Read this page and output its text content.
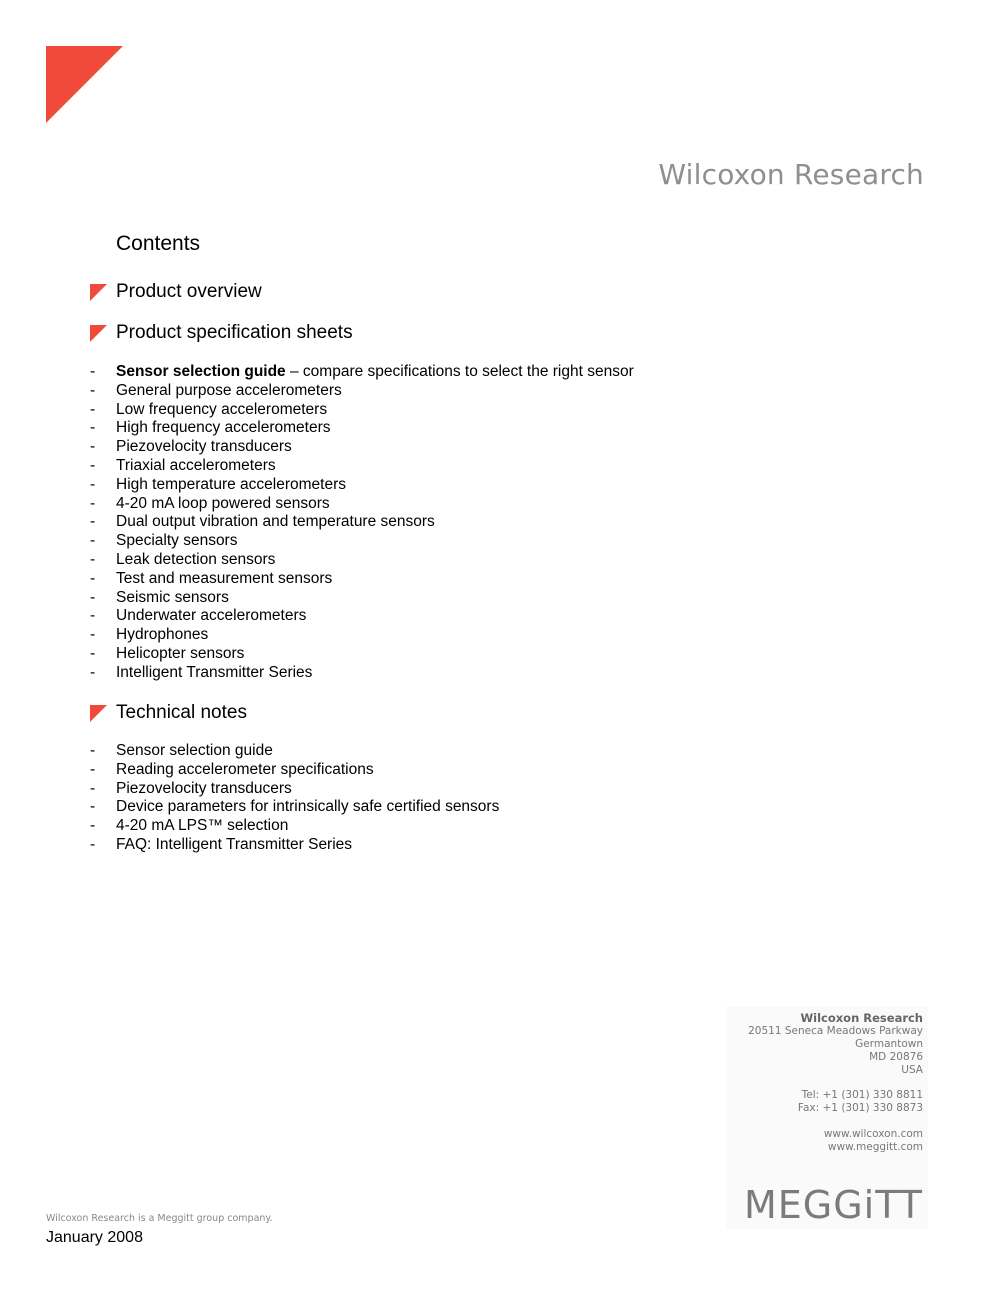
Wilcoxon Research
Contents
Product overview
Product specification sheets
- Sensor selection guide – compare specifications to select the right sensor
- General purpose accelerometers
- Low frequency accelerometers
- High frequency accelerometers
- Piezovelocity transducers
- Triaxial accelerometers
- High temperature accelerometers
- 4-20 mA loop powered sensors
- Dual output vibration and temperature sensors
- Specialty sensors
- Leak detection sensors
- Test and measurement sensors
- Seismic sensors
- Underwater accelerometers
- Hydrophones
- Helicopter sensors
- Intelligent Transmitter Series
Technical notes
- Sensor selection guide
- Reading accelerometer specifications
- Piezovelocity transducers
- Device parameters for intrinsically safe certified sensors
- 4-20 mA LPS™ selection
- FAQ: Intelligent Transmitter Series
Wilcoxon Research
20511 Seneca Meadows Parkway
Germantown
MD 20876
USA
Tel: +1 (301) 330 8811
Fax: +1 (301) 330 8873
www.wilcoxon.com
www.meggitt.com
MEGGiTT
Wilcoxon Research is a Meggitt group company.
January 2008
